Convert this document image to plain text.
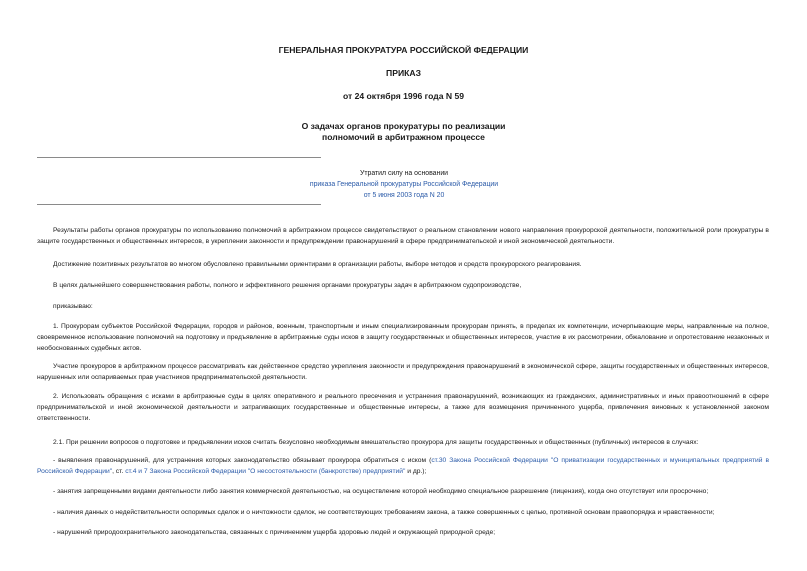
ГЕНЕРАЛЬНАЯ ПРОКУРАТУРА РОССИЙСКОЙ ФЕДЕРАЦИИ
ПРИКАЗ
от 24 октября 1996 года N 59
О задачах органов прокуратуры по реализации
полномочий в арбитражном процессе
Утратил силу на основании
приказа Генеральной прокуратуры Российской Федерации
от 5 июня 2003 года N 20
Результаты работы органов прокуратуры по использованию полномочий в арбитражном процессе свидетельствуют о реальном становлении нового направления прокурорской деятельности, положительной роли прокуратуры в защите государственных и общественных интересов, в укреплении законности и предупреждении правонарушений в сфере предпринимательской и иной экономической деятельности.
Достижение позитивных результатов во многом обусловлено правильными ориентирами в организации работы, выборе методов и средств прокурорского реагирования.
В целях дальнейшего совершенствования работы, полного и эффективного решения органами прокуратуры задач в арбитражном судопроизводстве,
приказываю:
1. Прокурорам субъектов Российской Федерации, городов и районов, военным, транспортным и иным специализированным прокурорам принять, в пределах их компетенции, исчерпывающие меры, направленные на полное, своевременное использование полномочий на подготовку и предъявление в арбитражные суды исков в защиту государственных и общественных интересов, участие в их рассмотрении, обжалование и опротестование незаконных и необоснованных судебных актов.
Участие прокуроров в арбитражном процессе рассматривать как действенное средство укрепления законности и предупреждения правонарушений в экономической сфере, защиты государственных и общественных интересов, нарушенных или оспариваемых прав участников предпринимательской деятельности.
2. Использовать обращения с исками в арбитражные суды в целях оперативного и реального пресечения и устранения правонарушений, возникающих из гражданских, административных и иных правоотношений в сфере предпринимательской и иной экономической деятельности и затрагивающих государственные и общественные интересы, а также для возмещения причиненного ущерба, привлечения виновных к установленной законом ответственности.
2.1. При решении вопросов о подготовке и предъявлении исков считать безусловно необходимым вмешательство прокурора для защиты государственных и общественных (публичных) интересов в случаях:
- выявления правонарушений, для устранения которых законодательство обязывает прокурора обратиться с иском (ст.30 Закона Российской Федерации "О приватизации государственных и муниципальных предприятий в Российской Федерации", ст. ст.4 и 7 Закона Российской Федерации "О несостоятельности (банкротстве) предприятий" и др.);
- занятия запрещенными видами деятельности либо занятия коммерческой деятельностью, на осуществление которой необходимо специальное разрешение (лицензия), когда оно отсутствует или просрочено;
- наличия данных о недействительности оспоримых сделок и о ничтожности сделок, не соответствующих требованиям закона, а также совершенных с целью, противной основам правопорядка и нравственности;
- нарушений природоохранительного законодательства, связанных с причинением ущерба здоровью людей и окружающей природной среде;
